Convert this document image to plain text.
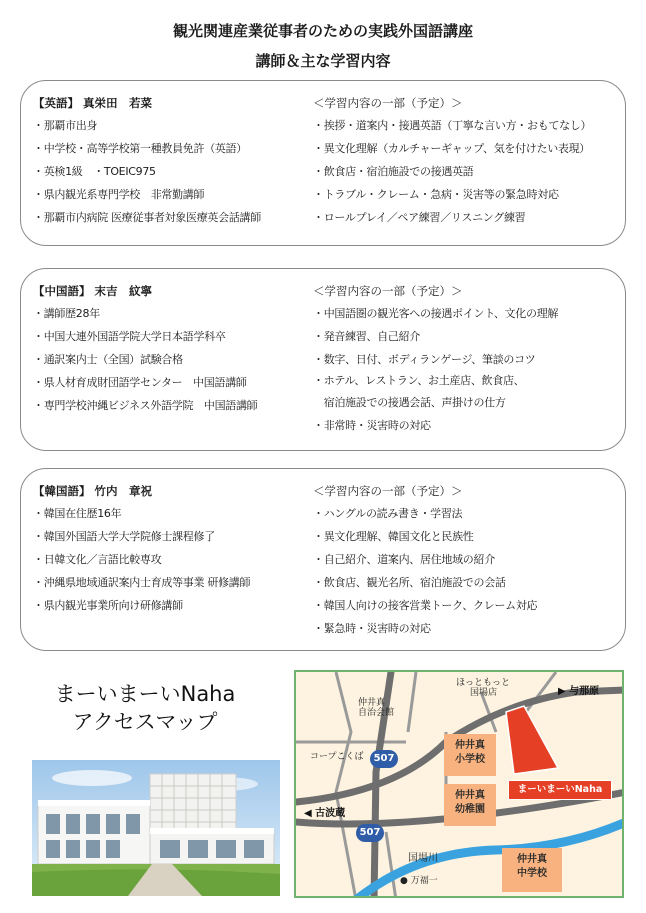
観光関連産業従事者のための実践外国語講座
講師＆主な学習内容
【英語】 真栄田　若菜
・那覇市出身
・中学校・高等学校第一種教員免許（英語）
・英検1級　・TOEIC975
・県内観光系専門学校　非常勤講師
・那覇市内病院 医療従事者対象医療英会話講師
＜学習内容の一部（予定）＞
・挨拶・道案内・接遇英語（丁寧な言い方・おもてなし）
・異文化理解（カルチャーギャップ、気を付けたい表現）
・飲食店・宿泊施設での接遇英語
・トラブル・クレーム・急病・災害等の緊急時対応
・ロールプレイ／ペア練習／リスニング練習
【中国語】 末吉　紋寧
・講師歴28年
・中国大連外国語学院大学日本語学科卒
・通訳案内士（全国）試験合格
・県人材育成財団語学センター　中国語講師
・専門学校沖縄ビジネス外語学院　中国語講師
＜学習内容の一部（予定）＞
・中国語圏の観光客への接遇ポイント、文化の理解
・発音練習、自己紹介
・数字、日付、ボディランゲージ、筆談のコツ
・ホテル、レストラン、お土産店、飲食店、
　宿泊施設での接遇会話、声掛けの仕方
・非常時・災害時の対応
【韓国語】 竹内　章祝
・韓国在住歴16年
・韓国外国語大学大学院修士課程修了
・日韓文化／言語比較専攻
・沖縄県地域通訳案内士育成等事業 研修講師
・県内観光事業所向け研修講師
＜学習内容の一部（予定）＞
・ハングルの読み書き・学習法
・異文化理解、韓国文化と民族性
・自己紹介、道案内、居住地域の紹介
・飲食店、観光名所、宿泊施設での会話
・韓国人向けの接客営業トーク、クレーム対応
・緊急時・災害時の対応
まーいまーいNaha
アクセスマップ
ほっともっと
国場店	▶ 与那原
仲井真
自治会館
コープこくば	507
◀ 古波蔵
507
仲井真
小学校
仲井真
幼稚園
まーいまーいNaha
国場川
● 万福一
仲井真
中学校
